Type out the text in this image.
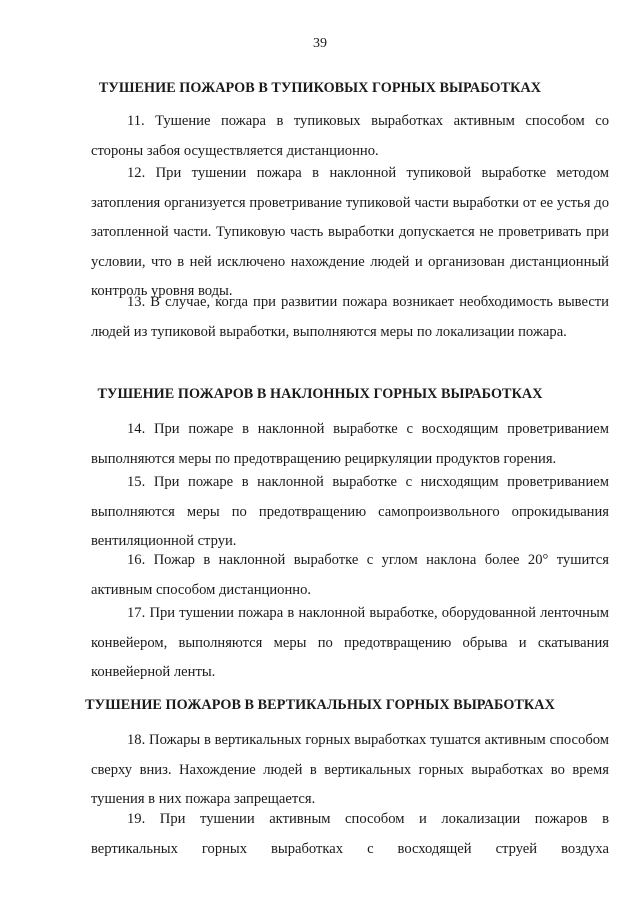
39
ТУШЕНИЕ ПОЖАРОВ В ТУПИКОВЫХ ГОРНЫХ ВЫРАБОТКАХ
11. Тушение пожара в тупиковых выработках активным способом со стороны забоя осуществляется дистанционно.
12. При тушении пожара в наклонной тупиковой выработке методом затопления организуется проветривание тупиковой части выработки от ее устья до затопленной части. Тупиковую часть выработки допускается не проветривать при условии, что в ней исключено нахождение людей и организован дистанционный контроль уровня воды.
13. В случае, когда при развитии пожара возникает необходимость вывести людей из тупиковой выработки, выполняются меры по локализации пожара.
ТУШЕНИЕ ПОЖАРОВ В НАКЛОННЫХ ГОРНЫХ ВЫРАБОТКАХ
14. При пожаре в наклонной выработке с восходящим проветриванием выполняются меры по предотвращению рециркуляции продуктов горения.
15. При пожаре в наклонной выработке с нисходящим проветриванием выполняются меры по предотвращению самопроизвольного опрокидывания вентиляционной струи.
16. Пожар в наклонной выработке с углом наклона более 20° тушится активным способом дистанционно.
17. При тушении пожара в наклонной выработке, оборудованной ленточным конвейером, выполняются меры по предотвращению обрыва и скатывания конвейерной ленты.
ТУШЕНИЕ ПОЖАРОВ В ВЕРТИКАЛЬНЫХ ГОРНЫХ ВЫРАБОТКАХ
18. Пожары в вертикальных горных выработках тушатся активным способом сверху вниз. Нахождение людей в вертикальных горных выработках во время тушения в них пожара запрещается.
19. При тушении активным способом и локализации пожаров в вертикальных горных выработках с восходящей струей воздуха
